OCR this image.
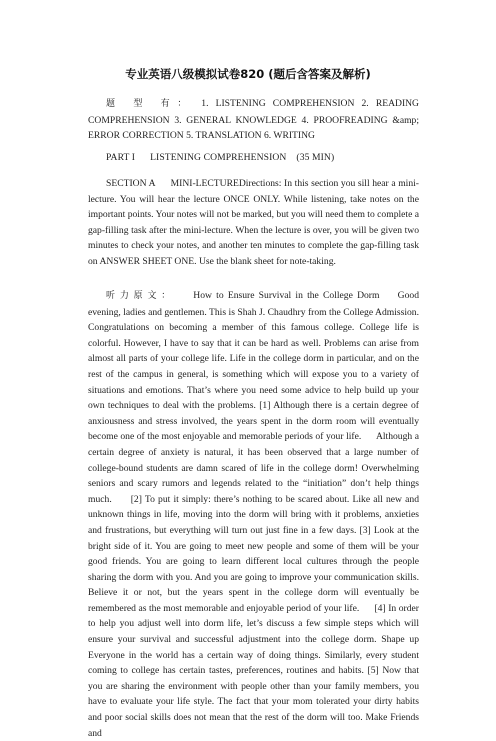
专业英语八级模拟试卷820 (题后含答案及解析)
题 型 有： 1. LISTENING COMPREHENSION 2. READING COMPREHENSION 3. GENERAL KNOWLEDGE 4. PROOFREADING &amp; ERROR CORRECTION 5. TRANSLATION 6. WRITING
PART I      LISTENING COMPREHENSION    (35 MIN)
SECTION A      MINI-LECTUREDirections: In this section you sill hear a mini-lecture. You will hear the lecture ONCE ONLY. While listening, take notes on the important points. Your notes will not be marked, but you will need them to complete a gap-filling task after the mini-lecture. When the lecture is over, you will be given two minutes to check your notes, and another ten minutes to complete the gap-filling task on ANSWER SHEET ONE. Use the blank sheet for note-taking.
听力原文： How to Ensure Survival in the College Dorm Good evening, ladies and gentlemen. This is Shah J. Chaudhry from the College Admission. Congratulations on becoming a member of this famous college. College life is colorful. However, I have to say that it can be hard as well. Problems can arise from almost all parts of your college life. Life in the college dorm in particular, and on the rest of the campus in general, is something which will expose you to a variety of situations and emotions. That’s where you need some advice to help build up your own techniques to deal with the problems. [1] Although there is a certain degree of anxiousness and stress involved, the years spent in the dorm room will eventually become one of the most enjoyable and memorable periods of your life.      Although a certain degree of anxiety is natural, it has been observed that a large number of college-bound students are damn scared of life in the college dorm! Overwhelming seniors and scary rumors and legends related to the “initiation” don’t help things much.      [2] To put it simply: there’s nothing to be scared about. Like all new and unknown things in life, moving into the dorm will bring with it problems, anxieties and frustrations, but everything will turn out just fine in a few days. [3] Look at the bright side of it. You are going to meet new people and some of them will be your good friends. You are going to learn different local cultures through the people sharing the dorm with you. And you are going to improve your communication skills. Believe it or not, but the years spent in the college dorm will eventually be remembered as the most memorable and enjoyable period of your life.      [4] In order to help you adjust well into dorm life, let’s discuss a few simple steps which will ensure your survival and successful adjustment into the college dorm. Shape up Everyone in the world has a certain way of doing things. Similarly, every student coming to college has certain tastes, preferences, routines and habits. [5] Now that you are sharing the environment with people other than your family members, you have to evaluate your life style. The fact that your mom tolerated your dirty habits and poor social skills does not mean that the rest of the dorm will too. Make Friends and
